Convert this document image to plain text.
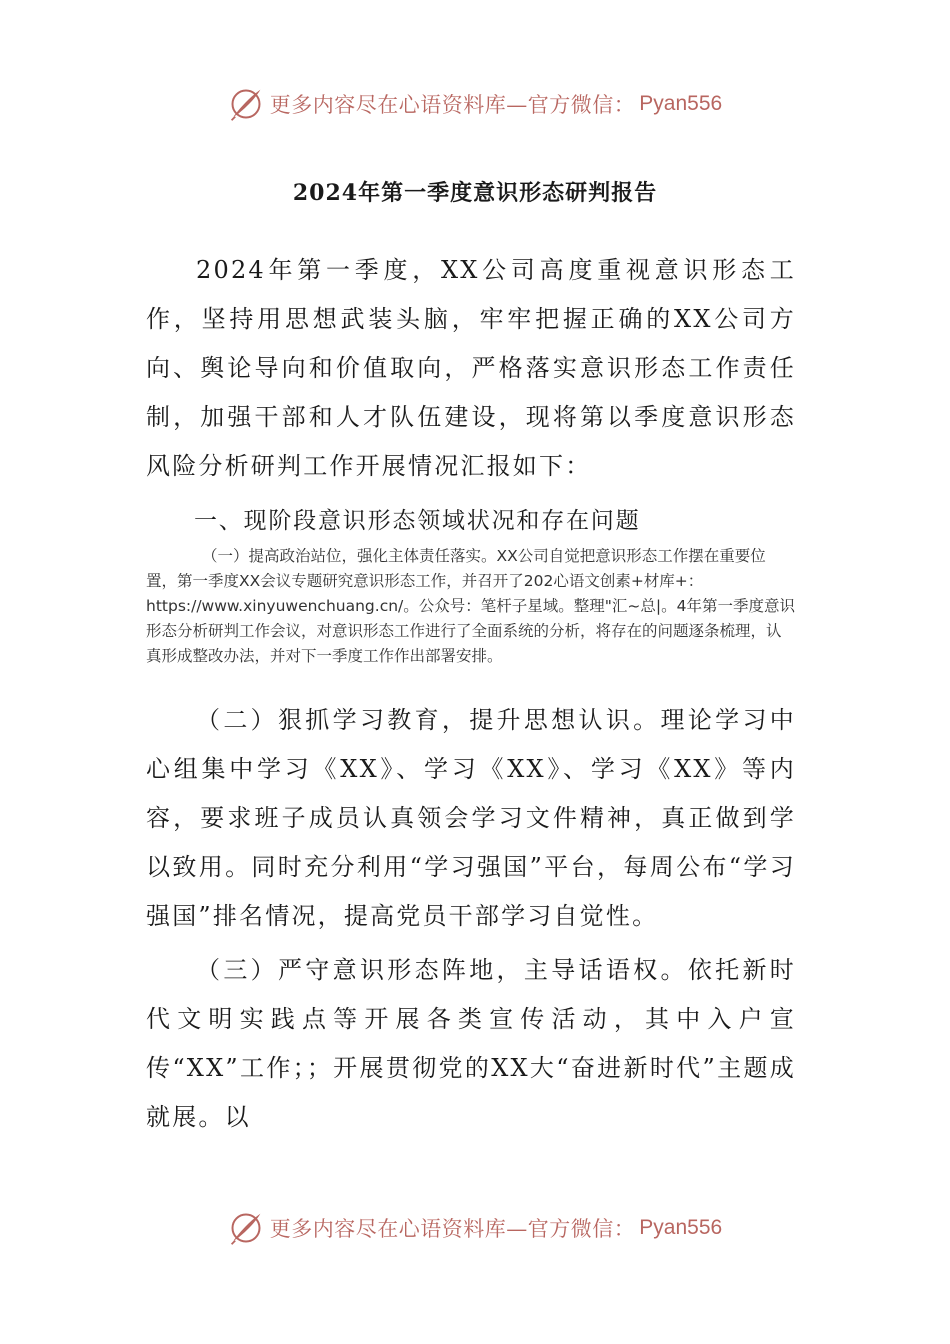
更多内容尽在心语资料库—官方微信： Pyan556
2024年第一季度意识形态研判报告

2024年第一季度，XX公司高度重视意识形态工作，坚持用思想武装头脑，牢牢把握正确的XX公司方向、舆论导向和价值取向，严格落实意识形态工作责任制，加强干部和人才队伍建设，现将第以季度意识形态风险分析研判工作开展情况汇报如下：

一、现阶段意识形态领域状况和存在问题

（一）提高政治站位，强化主体责任落实。XX公司自觉把意识形态工作摆在重要位置，第一季度XX会议专题研究意识形态工作，并召开了202心语文创素+材库+：https://www.xinyuwenchuang.cn/。公众号：笔杆子星域。整理"汇~总|。4年第一季度意识形态分析研判工作会议，对意识形态工作进行了全面系统的分析，将存在的问题逐条梳理，认真形成整改办法，并对下一季度工作作出部署安排。

（二）狠抓学习教育，提升思想认识。理论学习中心组集中学习《XX》、学习《XX》、学习《XX》等内容，要求班子成员认真领会学习文件精神，真正做到学以致用。同时充分利用“学习强国”平台，每周公布“学习强国”排名情况，提高党员干部学习自觉性。

（三）严守意识形态阵地，主导话语权。依托新时代文明实践点等开展各类宣传活动，其中入户宣传“XX”工作；；开展贯彻党的XX大“奋进新时代”主题成就展。以

更多内容尽在心语资料库—官方微信： Pyan556
